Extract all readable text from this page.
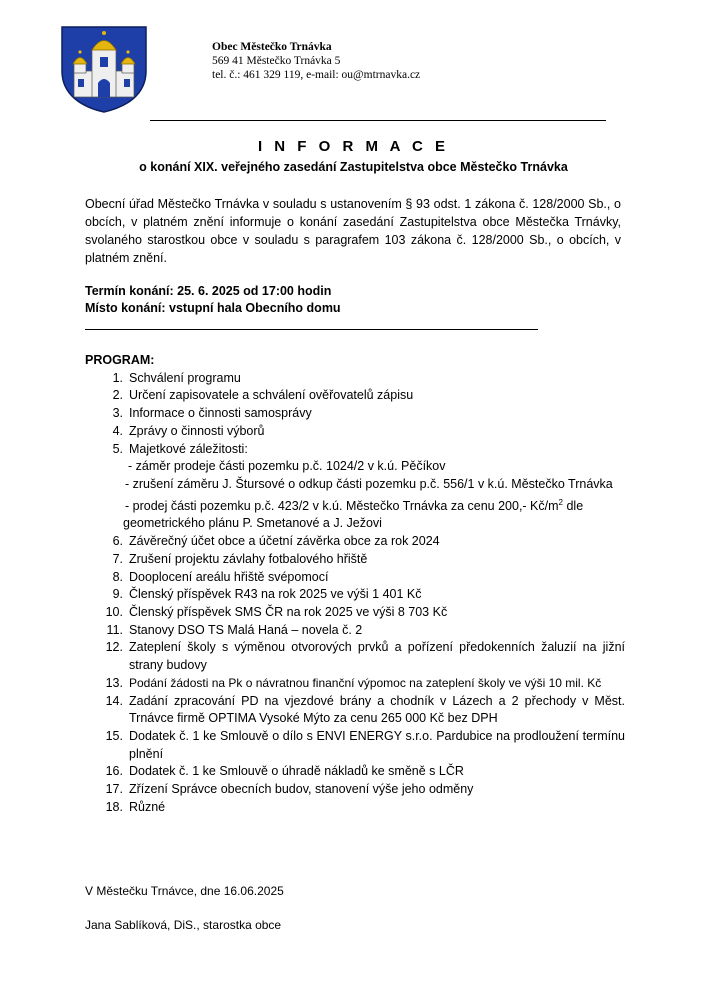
Obec Městečko Trnávka
569 41 Městečko Trnávka 5
tel. č.: 461 329 119, e-mail: ou@mtrnavka.cz
I N F O R M A C E
o konání XIX. veřejného zasedání Zastupitelstva obce Městečko Trnávka

Obecní úřad Městečko Trnávka v souladu s ustanovením § 93 odst. 1 zákona č. 128/2000 Sb., o obcích, v platném znění informuje o konání zasedání Zastupitelstva obce Městečka Trnávky, svolaného starostkou obce v souladu s paragrafem 103 zákona č. 128/2000 Sb., o obcích, v platném znění.

Termín konání: 25. 6. 2025 od 17:00 hodin
Místo konání: vstupní hala Obecního domu
PROGRAM:
1. Schválení programu
2. Určení zapisovatele a schválení ověřovatelů zápisu
3. Informace o činnosti samosprávy
4. Zprávy o činnosti výborů
5. Majetkové záležitosti:
- záměr prodeje části pozemku p.č. 1024/2 v k.ú. Pěčíkov
- zrušení záměru J. Štursové o odkup části pozemku p.č. 556/1 v k.ú. Městečko Trnávka
- prodej části pozemku p.č. 423/2 v k.ú. Městečko Trnávka za cenu 200,- $Kč/m^2$ dle geometrického plánu P. Smetanové a J. Ježovi
6. Závěrečný účet obce a účetní závěrka obce za rok 2024
7. Zrušení projektu závlahy fotbalového hřiště
8. Dooplocení areálu hřiště svépomocí
9. Členský příspěvek R43 na rok 2025 ve výši 1 401 Kč
10. Členský příspěvek SMS ČR na rok 2025 ve výši 8 703 Kč
11. Stanovy DSO TS Malá Haná – novela č. 2
12. Zateplení školy s výměnou otvorových prvků a pořízení předokenních žaluzií na jižní strany budovy
13. Podání žádosti na Pk o návratnou finanční výpomoc na zateplení školy ve výši 10 mil. Kč
14. Zadání zpracování PD na vjezdové brány a chodník v Lázech a 2 přechody v Měst. Trnávce firmě OPTIMA Vysoké Mýto za cenu 265 000 Kč bez DPH
15. Dodatek č. 1 ke Smlouvě o dílo s ENVI ENERGY s.r.o. Pardubice na prodloužení termínu plnění
16. Dodatek č. 1 ke Smlouvě o úhradě nákladů ke směně s LČR
17. Zřízení Správce obecních budov, stanovení výše jeho odměny
18. Různé
V Městečku Trnávce, dne 16.06.2025
Jana Sablíková, DiS., starostka obce
